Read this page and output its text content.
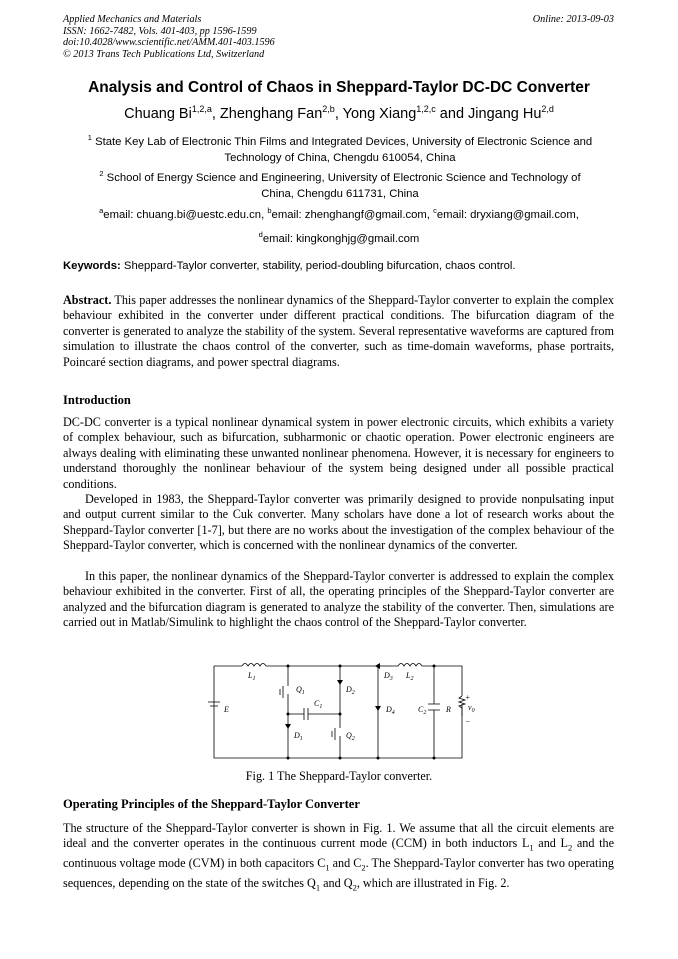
Applied Mechanics and Materials
ISSN: 1662-7482, Vols. 401-403, pp 1596-1599
doi:10.4028/www.scientific.net/AMM.401-403.1596
© 2013 Trans Tech Publications Ltd, Switzerland
Online: 2013-09-03
Analysis and Control of Chaos in Sheppard-Taylor DC-DC Converter
Chuang Bi$^{1,2,a}$, Zhenghang Fan$^{2,b}$, Yong Xiang$^{1,2,c}$ and Jingang Hu$^{2,d}$
$^1$ State Key Lab of Electronic Thin Films and Integrated Devices, University of Electronic Science and
Technology of China, Chengdu 610054, China
$^2$ School of Energy Science and Engineering, University of Electronic Science and Technology of
China, Chengdu 611731, China
$^a$email: chuang.bi@uestc.edu.cn, $^b$email: zhenghangf@gmail.com, $^c$email: dryxiang@gmail.com,
$^d$email: kingkonghjg@gmail.com
Keywords: Sheppard-Taylor converter, stability, period-doubling bifurcation, chaos control.
Abstract. This paper addresses the nonlinear dynamics of the Sheppard-Taylor converter to explain the complex behaviour exhibited in the converter under different practical conditions. The bifurcation diagram of the converter is generated to analyze the stability of the system. Several representative waveforms are captured from simulation to illustrate the chaos control of the converter, such as time-domain waveforms, phase portraits, Poincaré section diagrams, and power spectral diagrams.
Introduction
DC-DC converter is a typical nonlinear dynamical system in power electronic circuits, which exhibits a variety of complex behaviour, such as bifurcation, subharmonic or chaotic operation. Power electronic engineers are always dealing with eliminating these unwanted nonlinear phenomena. However, it is necessary for engineers to understand thoroughly the nonlinear behaviour of the system being designed under all possible practical conditions.
Developed in 1983, the Sheppard-Taylor converter was primarily designed to provide nonpulsating input and output current similar to the Cuk converter. Many scholars have done a lot of research works about the Sheppard-Taylor converter [1-7], but there are no works about the investigation of the complex behaviour of the Sheppard-Taylor converter, which is concerned with the nonlinear dynamics of the converter.
In this paper, the nonlinear dynamics of the Sheppard-Taylor converter is addressed to explain the complex behaviour exhibited in the converter. First of all, the operating principles of the Sheppard-Taylor converter are analyzed and the bifurcation diagram is generated to analyze the stability of the converter. Then, simulations are carried out in Matlab/Simulink to highlight the chaos control of the Sheppard-Taylor converter.
$L_1$
$Q_1$	$D_2$
$C_1$
$D_1$	$Q_2$
$D_3$ $L_2$
$D_4$	$C_2$ R $v_0$
+
−
E
Fig. 1 The Sheppard-Taylor converter.
Operating Principles of the Sheppard-Taylor Converter
The structure of the Sheppard-Taylor converter is shown in Fig. 1. We assume that all the circuit elements are ideal and the converter operates in the continuous current mode (CCM) in both inductors $L_1$ and $L_2$ and the continuous voltage mode (CVM) in both capacitors $C_1$ and $C_2$. The Sheppard-Taylor converter has two operating sequences, depending on the state of the switches $Q_1$ and $Q_2$, which are illustrated in Fig. 2.
